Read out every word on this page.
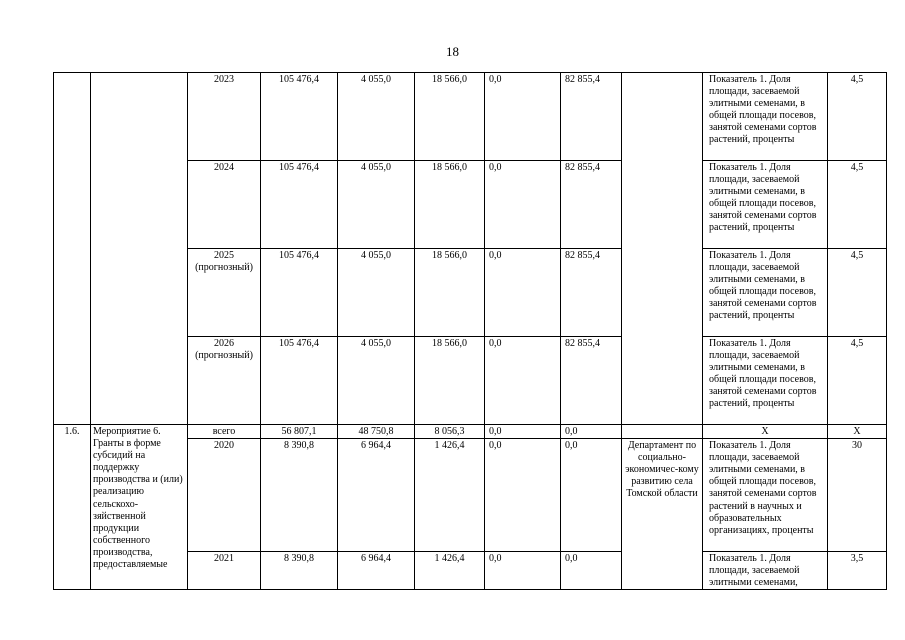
18
		2023	105 476,4	4 055,0	18 566,0	0,0	82 855,4		Показатель 1. Доля площади, засеваемой элитными семенами, в общей площади посевов, занятой семенами сортов растений, проценты	4,5
		2024	105 476,4	4 055,0	18 566,0	0,0	82 855,4		Показатель 1. Доля площади, засеваемой элитными семенами, в общей площади посевов, занятой семенами сортов растений, проценты	4,5
		2025 (прогнозный)	105 476,4	4 055,0	18 566,0	0,0	82 855,4		Показатель 1. Доля площади, засеваемой элитными семенами, в общей площади посевов, занятой семенами сортов растений, проценты	4,5
		2026 (прогнозный)	105 476,4	4 055,0	18 566,0	0,0	82 855,4		Показатель 1. Доля площади, засеваемой элитными семенами, в общей площади посевов, занятой семенами сортов растений, проценты	4,5
1.6.	Мероприятие 6. Гранты в форме субсидий на поддержку производства и (или) реализацию сельскохо-зяйственной продукции собственного производства, предоставляемые	всего	56 807,1	48 750,8	8 056,3	0,0	0,0		Х	Х
		2020	8 390,8	6 964,4	1 426,4	0,0	0,0	Департамент по социально-экономичес-кому развитию села Томской области	Показатель 1. Доля площади, засеваемой элитными семенами, в общей площади посевов, занятой семенами сортов растений в научных и образовательных организациях, проценты	30
		2021	8 390,8	6 964,4	1 426,4	0,0	0,0		Показатель 1. Доля площади, засеваемой элитными семенами,	3,5
